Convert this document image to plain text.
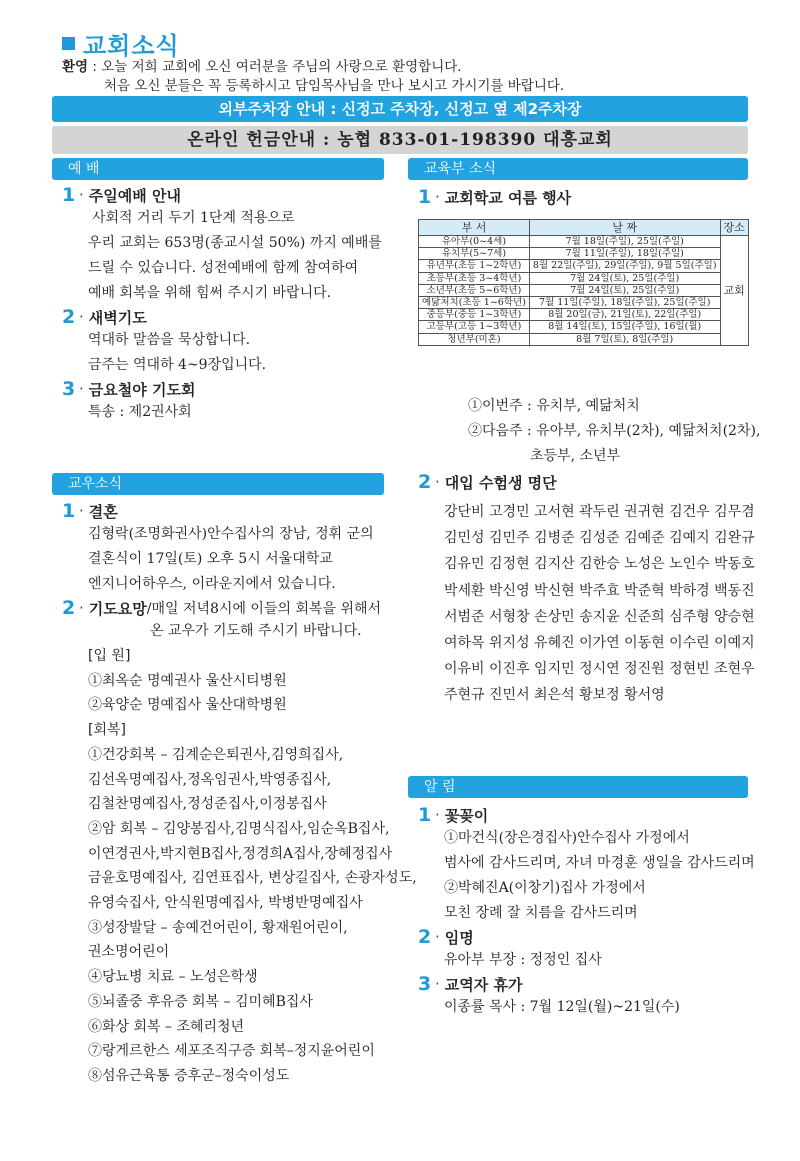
교회소식
환영 : 오늘 저희 교회에 오신 여러분을 주님의 사랑으로 환영합니다.
처음 오신 분들은 꼭 등록하시고 담임목사님을 만나 보시고 가시기를 바랍니다.
외부주차장 안내 : 신정고 주차장, 신정고 옆 제2주차장
온라인 헌금안내 : 농협 833-01-198390 대흥교회
예 배
1 · 주일예배 안내
사회적 거리 두기 1단계 적용으로
우리 교회는 653명(종교시설 50%) 까지 예배를
드릴 수 있습니다. 성전예배에 함께 참여하여
예배 회복을 위해 힘써 주시기 바랍니다.
2 · 새벽기도
역대하 말씀을 묵상합니다.
금주는 역대하 4~9장입니다.
3 · 금요철야 기도회
특송 : 제2권사회
교우소식
1 · 결혼
김형락(조명화권사)안수집사의 장남, 정휘 군의
결혼식이 17일(토) 오후 5시 서울대학교
엔지니어하우스, 이라운지에서 있습니다.
2 · 기도요망 /매일 저녁8시에 이들의 회복을 위해서
온 교우가 기도해 주시기 바랍니다.
[입 원]
①최옥순 명예권사 울산시티병원
②육양순 명예집사 울산대학병원
[회복]
①건강회복 – 김계순은퇴권사,김영희집사,
김선옥명예집사,정옥임권사,박영종집사,
김철찬명예집사,정성준집사,이정봉집사
②암 회복 – 김양봉집사,김명식집사,임순옥B집사,
이연경권사,박지현B집사,정경희A집사,장혜정집사
금윤호명예집사, 김연표집사, 변상길집사, 손광자성도,
유영숙집사, 안식원명예집사, 박병반명예집사
③성장발달 – 송예건어린이, 황재원어린이,
권소명어린이
④당뇨병 치료 – 노성은학생
⑤뇌졸중 후유증 회복 – 김미혜B집사
⑥화상 회복 – 조혜리청년
⑦랑게르한스 세포조직구증 회복–정지윤어린이
⑧섬유근육통 증후군–정숙이성도
교육부 소식
1 · 교회학교 여름 행사
부 서	날 짜	장소
유아부(0~4세)	7월 18일(주일), 25일(주일)	교회
유치부(5~7세)	7월 11일(주일), 18일(주일)	
유년부(초등 1~2학년)	8월 22일(주일), 29일(주일), 9월 5일(주일)	
초등부(초등 3~4학년)	7월 24일(토), 25일(주일)	
소년부(초등 5~6학년)	7월 24일(토), 25일(주일)	
예닮처치(초등 1~6학년)	7월 11일(주일), 18일(주일), 25일(주일)	
중등부(중등 1~3학년)	8월 20일(금), 21일(토), 22일(주일)	
고등부(고등 1~3학년)	8월 14일(토), 15일(주일), 16일(월)	
청년부(미혼)	8월 7일(토), 8일(주일)	
①이번주 : 유치부, 예닮처치
②다음주 : 유아부, 유치부(2차), 예닮처치(2차),
초등부, 소년부
2 · 대입 수험생 명단
강단비 고경민 고서현 곽두린 권귀현 김건우 김무겸
김민성 김민주 김병준 김성준 김예준 김예지 김완규
김유민 김정현 김지산 김한승 노성은 노인수 박동호
박세환 박신영 박신현 박주효 박준혁 박하경 백동진
서범준 서형창 손상민 송지윤 신준희 심주형 양승현
여하목 위지성 유혜진 이가연 이동현 이수린 이예지
이유비 이진후 임지민 정시연 정진원 정현빈 조현우
주현규 진민서 최은석 황보정 황서영
알 림
1 · 꽃꽂이
①마건식(장은경집사)안수집사 가정에서
범사에 감사드리며, 자녀 마경훈 생일을 감사드리며
②박혜진A(이창기)집사 가정에서
모친 장례 잘 치름을 감사드리며
2 · 임명
유아부 부장 : 정정인 집사
3 · 교역자 휴가
이종률 목사 : 7월 12일(월)~21일(수)
